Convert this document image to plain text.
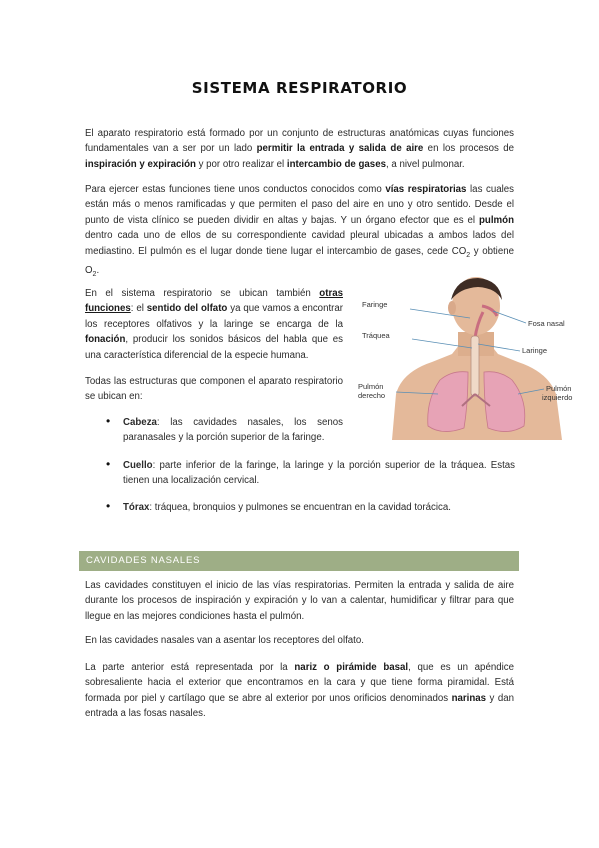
SISTEMA RESPIRATORIO

El aparato respiratorio está formado por un conjunto de estructuras anatómicas cuyas funciones fundamentales van a ser por un lado permitir la entrada y salida de aire en los procesos de inspiración y expiración y por otro realizar el intercambio de gases, a nivel pulmonar.

Para ejercer estas funciones tiene unos conductos conocidos como vías respiratorias las cuales están más o menos ramificadas y que permiten el paso del aire en uno y otro sentido. Desde el punto de vista clínico se pueden dividir en altas y bajas. Y un órgano efector que es el pulmón dentro cada uno de ellos de su correspondiente cavidad pleural ubicadas a ambos lados del mediastino. El pulmón es el lugar donde tiene lugar el intercambio de gases, cede $CO_2$ y obtiene $O_2$.

En el sistema respiratorio se ubican también otras funciones: el sentido del olfato ya que vamos a encontrar los receptores olfativos y la laringe se encarga de la fonación, producir los sonidos básicos del habla que es una característica diferencial de la especie humana.

Todas las estructuras que componen el aparato respiratorio se ubican en:

• Cabeza: las cavidades nasales, los senos paranasales y la porción superior de la faringe.

• Cuello: parte inferior de la faringe, la laringe y la porción superior de la tráquea. Estas tienen una localización cervical.

• Tórax: tráquea, bronquios y pulmones se encuentran en la cavidad torácica.

Faringe
Tráquea
Pulmón
derecho
Fosa nasal
Laringe
Pulmón
izquierdo
CAVIDADES NASALES

Las cavidades constituyen el inicio de las vías respiratorias. Permiten la entrada y salida de aire durante los procesos de inspiración y expiración y lo van a calentar, humidificar y filtrar para que llegue en las mejores condiciones hasta el pulmón.

En las cavidades nasales van a asentar los receptores del olfato.

La parte anterior está representada por la nariz o pirámide basal, que es un apéndice sobresaliente hacia el exterior que encontramos en la cara y que tiene forma piramidal. Está formada por piel y cartílago que se abre al exterior por unos orificios denominados narinas y dan entrada a las fosas nasales.
